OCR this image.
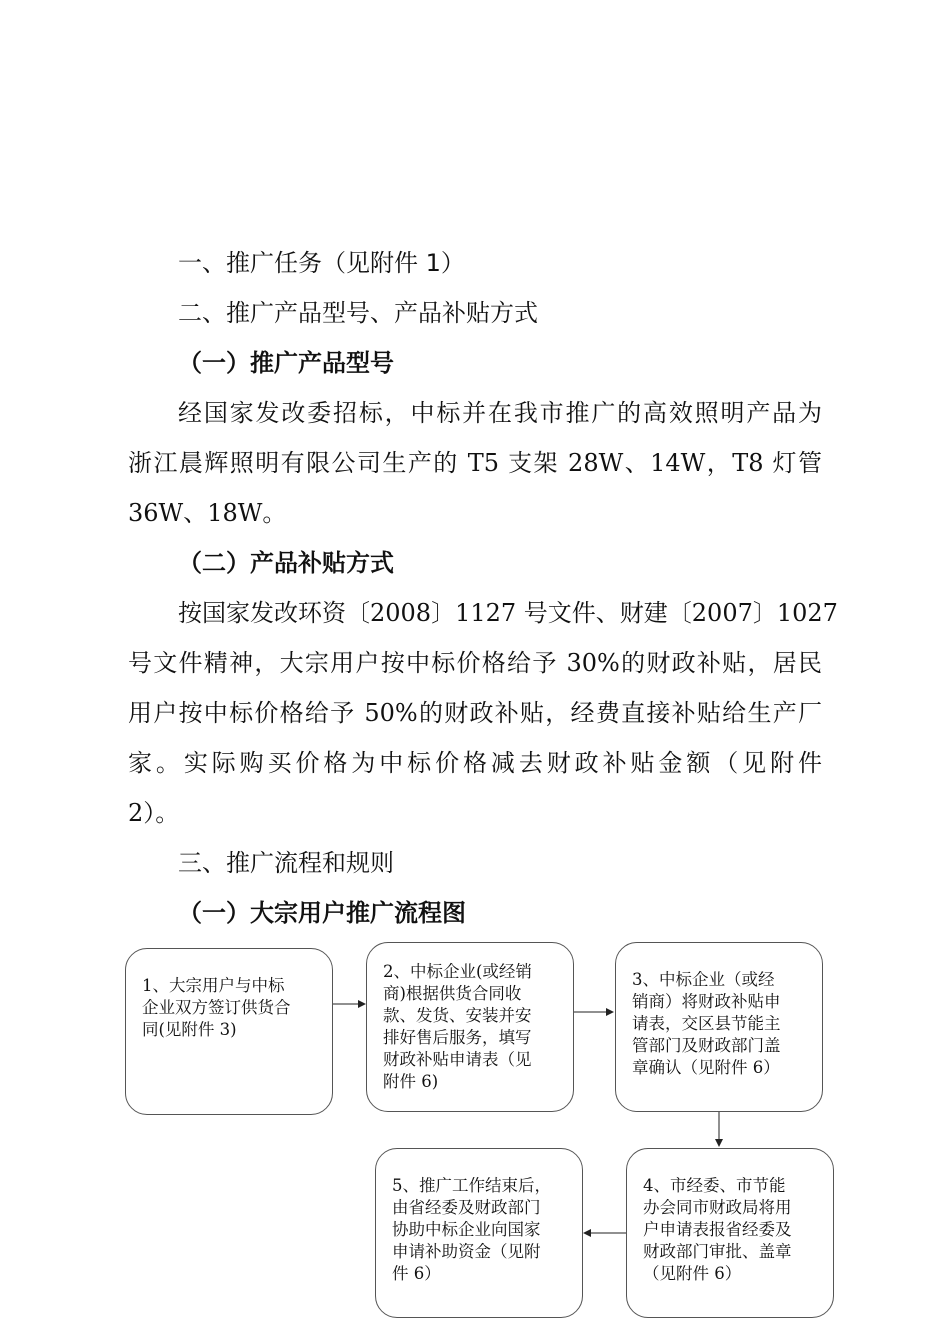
一、推广任务（见附件 1）
二、推广产品型号、产品补贴方式
（一）推广产品型号
经国家发改委招标，中标并在我市推广的高效照明产品为
浙江晨辉照明有限公司生产的 T5 支架 28W、14W，T8 灯管
36W、18W。
（二）产品补贴方式
按国家发改环资〔2008〕1127 号文件、财建〔2007〕1027
号文件精神，大宗用户按中标价格给予 30%的财政补贴，居民
用户按中标价格给予 50%的财政补贴，经费直接补贴给生产厂
家。实际购买价格为中标价格减去财政补贴金额（见附件
2）。
三、推广流程和规则
（一）大宗用户推广流程图
1、大宗用户与中标
企业双方签订供货合
同(见附件 3)
2、中标企业(或经销
商)根据供货合同收
款、发货、安装并安
排好售后服务，填写
财政补贴申请表（见
附件 6)
3、中标企业（或经
销商）将财政补贴申
请表，交区县节能主
管部门及财政部门盖
章确认（见附件 6）
4、市经委、市节能
办会同市财政局将用
户申请表报省经委及
财政部门审批、盖章
（见附件 6）
5、推广工作结束后，
由省经委及财政部门
协助中标企业向国家
申请补助资金（见附
件 6）
